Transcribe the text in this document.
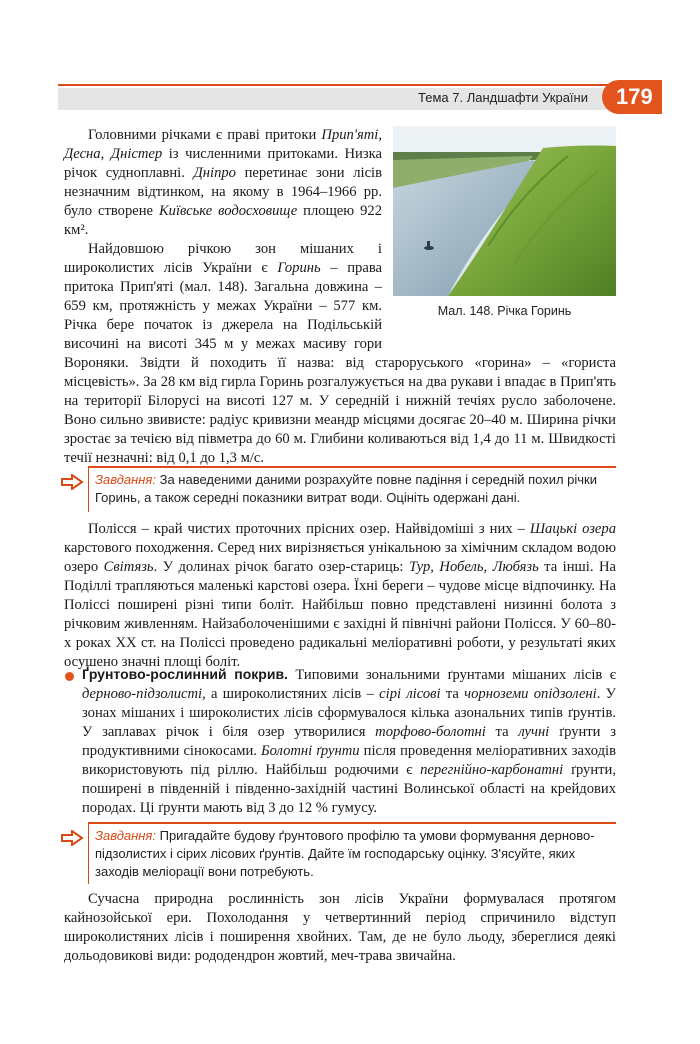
Тема 7. Ландшафти України	179
Мал. 148. Річка Горинь

Головними річками є праві притоки Прип'яті, Десна, Дністер із численними притоками. Низка річок судноплавні. Дніпро перетинає зони лісів незначним відтинком, на якому в 1964–1966 рр. було створене Київське водосховище площею 922 км².

Найдовшою річкою зон мішаних і широколистих лісів України є Горинь – права притока Прип'яті (мал. 148). Загальна довжина – 659 км, протяжність у межах України – 577 км. Річка бере початок із джерела на Подільській височині на висоті 345 м у межах масиву гори Вороняки. Звідти й походить її назва: від староруського «горина» – «гориста місцевість». За 28 км від гирла Горинь розгалужується на два рукави і впадає в Прип'ять на території Білорусі на висоті 127 м. У середній і нижній течіях русло заболочене. Воно сильно звивисте: радіус кривизни меандр місцями досягає 20–40 м. Ширина річки зростає за течією від півметра до 60 м. Глибини коливаються від 1,4 до 11 м. Швидкості течії незначні: від 0,1 до 1,3 м/с.

Завдання: За наведеними даними розрахуйте повне падіння і середній похил річки Горинь, а також середні показники витрат води. Оцініть одержані дані.

Полісся – край чистих проточних прісних озер. Найвідоміші з них – Шацькі озера карстового походження. Серед них вирізняється унікальною за хімічним складом водою озеро Світязь. У долинах річок багато озер-стариць: Тур, Нобель, Любязь та інші. На Поділлі трапляються маленькі карстові озера. Їхні береги – чудове місце відпочинку. На Поліссі поширені різні типи боліт. Найбільш повно представлені низинні болота з річковим живленням. Найзаболоченішими є західні й північні райони Полісся. У 60–80-х роках ХХ ст. на Поліссі проведено радикальні меліоративні роботи, у результаті яких осушено значні площі боліт.

Ґрунтово-рослинний покрив. Типовими зональними ґрунтами мішаних лісів є дерново-підзолисті, а широколистяних лісів – сірі лісові та чорноземи опідзолені. У зонах мішаних і широколистих лісів сформувалося кілька азональних типів ґрунтів. У заплавах річок і біля озер утворилися торфово-болотні та лучні ґрунти з продуктивними сінокосами. Болотні ґрунти після проведення меліоративних заходів використовують під ріллю. Найбільш родючими є перегнійно-карбонатні ґрунти, поширені в південній і південно-західній частині Волинської області на крейдових породах. Ці ґрунти мають від 3 до 12 % гумусу.

Завдання: Пригадайте будову ґрунтового профілю та умови формування дерново-підзолистих і сірих лісових ґрунтів. Дайте їм господарську оцінку. З'ясуйте, яких заходів меліорації вони потребують.

Сучасна природна рослинність зон лісів України формувалася протягом кайнозойської ери. Похолодання у четвертинний період спричинило відступ широколистяних лісів і поширення хвойних. Там, де не було льоду, збереглися деякі дольодовикові види: рододендрон жовтий, меч-трава звичайна.
